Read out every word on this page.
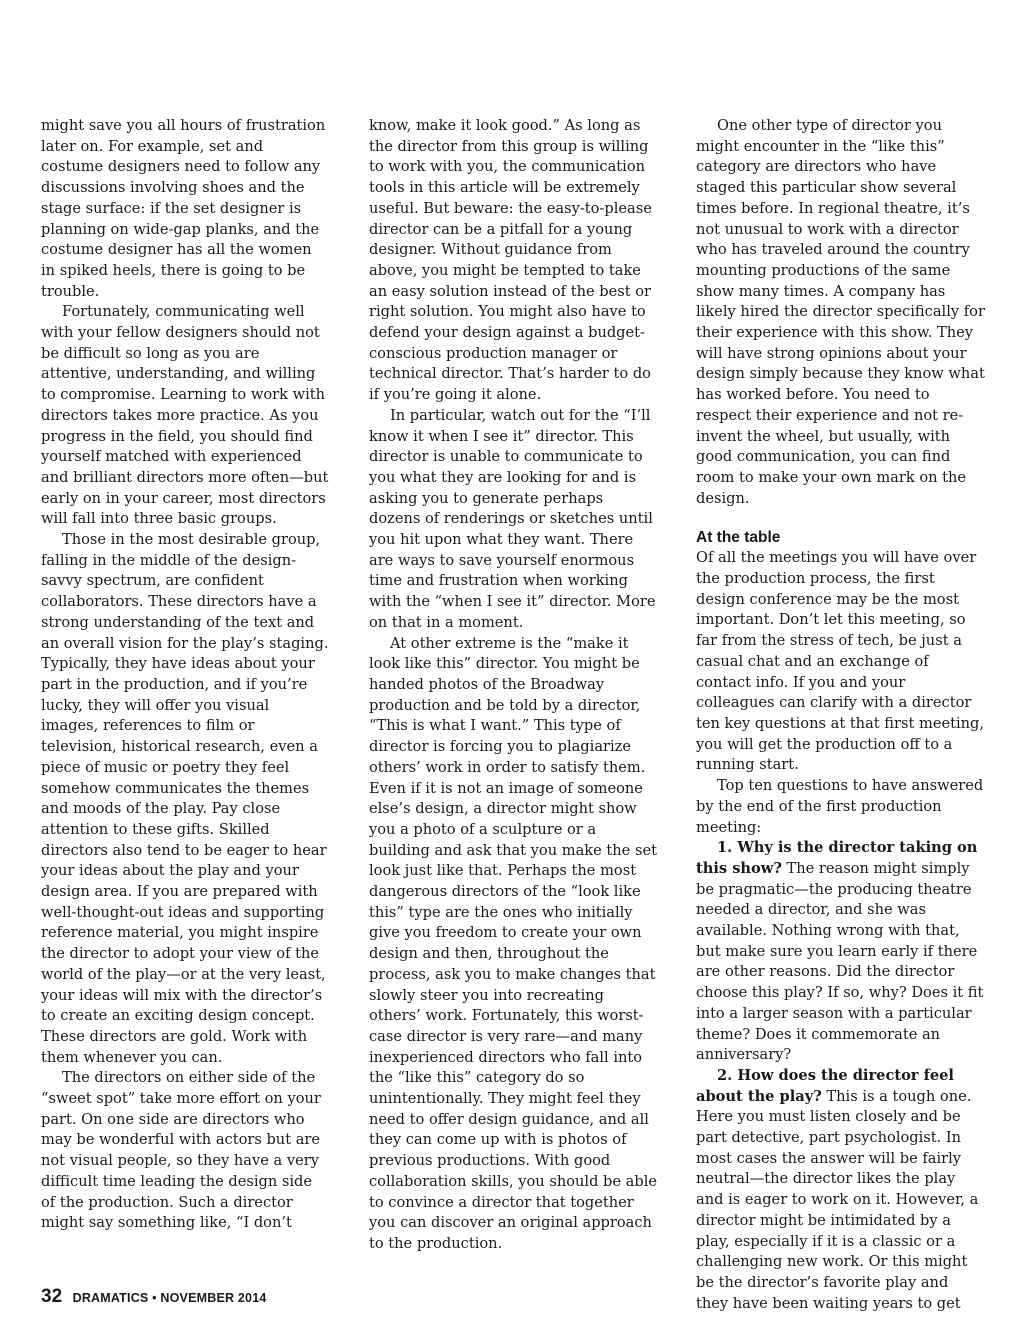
might save you all hours of frustration later on. For example, set and costume designers need to follow any discussions involving shoes and the stage surface: if the set designer is planning on wide-gap planks, and the costume designer has all the women in spiked heels, there is going to be trouble.

Fortunately, communicating well with your fellow designers should not be difficult so long as you are attentive, understanding, and willing to compromise. Learning to work with directors takes more practice. As you progress in the field, you should find yourself matched with experienced and brilliant directors more often—but early on in your career, most directors will fall into three basic groups.

Those in the most desirable group, falling in the middle of the design-savvy spectrum, are confident collaborators. These directors have a strong understanding of the text and an overall vision for the play’s staging. Typically, they have ideas about your part in the production, and if you’re lucky, they will offer you visual images, references to film or television, historical research, even a piece of music or poetry they feel somehow communicates the themes and moods of the play. Pay close attention to these gifts. Skilled directors also tend to be eager to hear your ideas about the play and your design area. If you are prepared with well-thought-out ideas and supporting reference material, you might inspire the director to adopt your view of the world of the play—or at the very least, your ideas will mix with the director’s to create an exciting design concept. These directors are gold. Work with them whenever you can.

The directors on either side of the “sweet spot” take more effort on your part. On one side are directors who may be wonderful with actors but are not visual people, so they have a very difficult time leading the design side of the production. Such a director might say something like, “I don’t

know, make it look good.” As long as the director from this group is willing to work with you, the communication tools in this article will be extremely useful. But beware: the easy-to-please director can be a pitfall for a young designer. Without guidance from above, you might be tempted to take an easy solution instead of the best or right solution. You might also have to defend your design against a budget-conscious production manager or technical director. That’s harder to do if you’re going it alone.

In particular, watch out for the “I’ll know it when I see it” director. This director is unable to communicate to you what they are looking for and is asking you to generate perhaps dozens of renderings or sketches until you hit upon what they want. There are ways to save yourself enormous time and frustration when working with the “when I see it” director. More on that in a moment.

At other extreme is the “make it look like this” director. You might be handed photos of the Broadway production and be told by a director, “This is what I want.” This type of director is forcing you to plagiarize others’ work in order to satisfy them. Even if it is not an image of someone else’s design, a director might show you a photo of a sculpture or a building and ask that you make the set look just like that. Perhaps the most dangerous directors of the “look like this” type are the ones who initially give you freedom to create your own design and then, throughout the process, ask you to make changes that slowly steer you into recreating others’ work. Fortunately, this worst-case director is very rare—and many inexperienced directors who fall into the “like this” category do so unintentionally. They might feel they need to offer design guidance, and all they can come up with is photos of previous productions. With good collaboration skills, you should be able to convince a director that together you can discover an original approach to the production.

One other type of director you might encounter in the “like this” category are directors who have staged this particular show several times before. In regional theatre, it’s not unusual to work with a director who has traveled around the country mounting productions of the same show many times. A company has likely hired the director specifically for their experience with this show. They will have strong opinions about your design simply because they know what has worked before. You need to respect their experience and not re-invent the wheel, but usually, with good communication, you can find room to make your own mark on the design.

At the table

Of all the meetings you will have over the production process, the first design conference may be the most important. Don’t let this meeting, so far from the stress of tech, be just a casual chat and an exchange of contact info. If you and your colleagues can clarify with a director ten key questions at that first meeting, you will get the production off to a running start.

Top ten questions to have answered by the end of the first production meeting:

1. Why is the director taking on this show? The reason might simply be pragmatic—the producing theatre needed a director, and she was available. Nothing wrong with that, but make sure you learn early if there are other reasons. Did the director choose this play? If so, why? Does it fit into a larger season with a particular theme? Does it commemorate an anniversary?

2. How does the director feel about the play? This is a tough one. Here you must listen closely and be part detective, part psychologist. In most cases the answer will be fairly neutral—the director likes the play and is eager to work on it. However, a director might be intimidated by a play, especially if it is a classic or a challenging new work. Or this might be the director’s favorite play and they have been waiting years to get

32 DRAMATICS • NOVEMBER 2014
